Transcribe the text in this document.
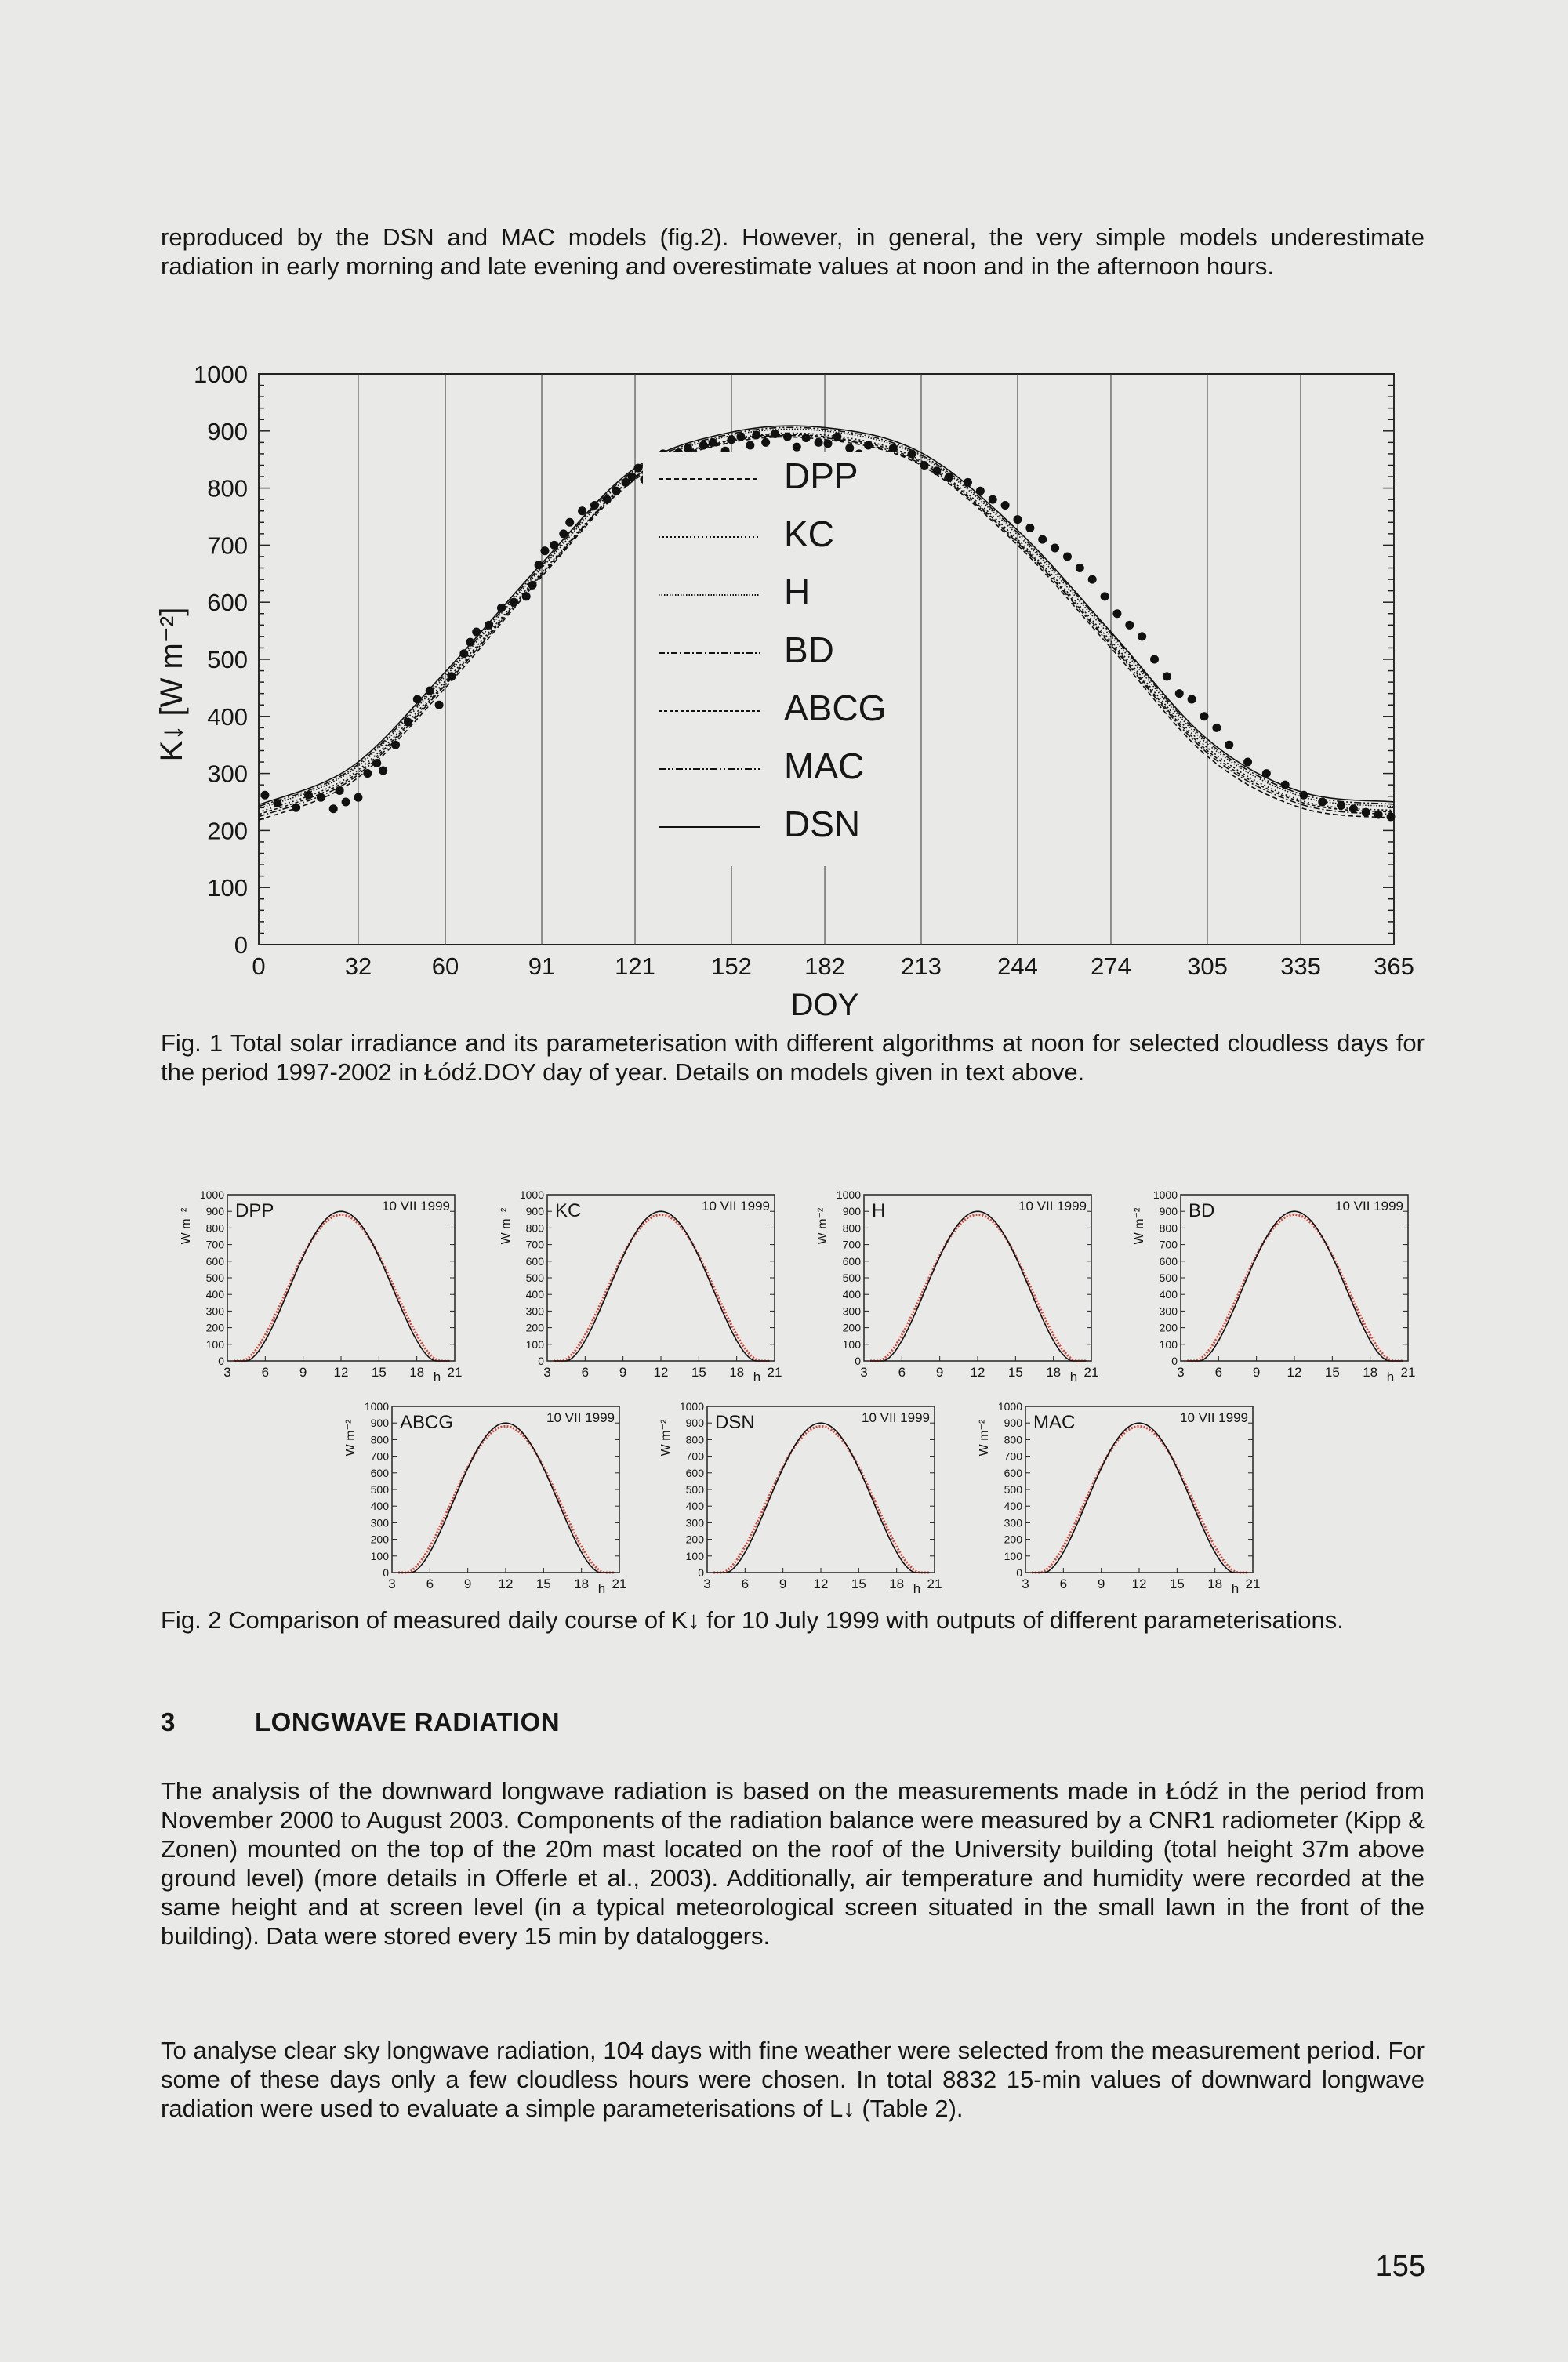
reproduced by the DSN and MAC models (fig.2). However, in general, the very simple models underestimate radiation in early morning and late evening and overestimate values at noon and in the afternoon hours.
0	32 60	91 121 152 182 213 244 274 305 335 365
0
100
200
300
400
500
600
700
800
900
1000
DPP
KC
H
BD
ABCG
MAC
DSN
DOY
K↓ [W m⁻²]
Fig. 1 Total solar irradiance and its parameterisation with different algorithms at noon for selected cloudless days for the period 1997-2002 in Łódź.DOY day of year. Details on models given in text above.
1000
900
800
700
600
500
400
300
200
100
0
3 6 9 12 15 18 21
h
W m⁻² DPP	10 VII 1999
1000
900
800
700
600
500
400
300
200
100
0
3 6 9 12 15 18 21
h
W m⁻² KC	10 VII 1999
1000
900
800
700
600
500
400
300
200
100
0
3 6 9 12 15 18 21
h
W m⁻² H	10 VII 1999
1000
900
800
700
600
500
400
300
200
100
0
3 6 9 12 15 18 21
h
W m⁻² BD	10 VII 1999
1000
900
800
700
600
500
400
300
200
100
0
3 6 9 12 15 18 21
h
W m⁻² ABCG	10 VII 1999
1000
900
800
700
600
500
400
300
200
100
0
3 6 9 12 15 18 21
h
W m⁻² DSN	10 VII 1999
1000
900
800
700
600
500
400
300
200
100
0
3 6 9 12 15 18 21
h
W m⁻² MAC	10 VII 1999
Fig. 2 Comparison of measured daily course of K↓ for 10 July 1999 with outputs of different parameterisations.
3	LONGWAVE RADIATION
The analysis of the downward longwave radiation is based on the measurements made in Łódź in the period from November 2000 to August 2003. Components of the radiation balance were measured by a CNR1 radiometer (Kipp & Zonen) mounted on the top of the 20m mast located on the roof of the University building (total height 37m above ground level) (more details in Offerle et al., 2003). Additionally, air temperature and humidity were recorded at the same height and at screen level (in a typical meteorological screen situated in the small lawn in the front of the building). Data were stored every 15 min by dataloggers.
To analyse clear sky longwave radiation, 104 days with fine weather were selected from the measurement period. For some of these days only a few cloudless hours were chosen. In total 8832 15-min values of downward longwave radiation were used to evaluate a simple parameterisations of L↓ (Table 2).
155
